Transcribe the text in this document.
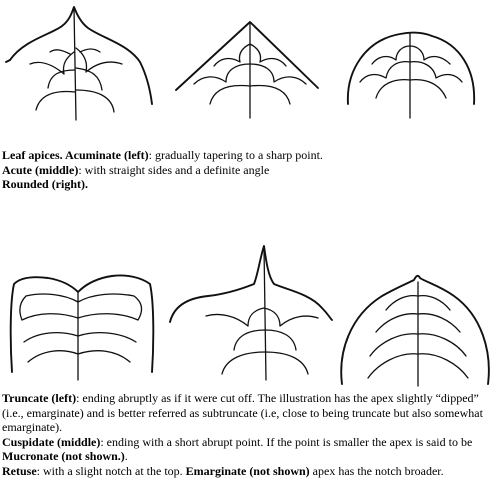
Leaf apices. Acuminate (left): gradually tapering to a sharp point.

Acute (middle): with straight sides and a definite angle

Rounded (right).

Truncate (left): ending abruptly as if it were cut off. The illustration has the apex slightly “dipped” (i.e., emarginate) and is better referred as subtruncate (i.e, close to being truncate but also somewhat emarginate).

Cuspidate (middle): ending with a short abrupt point. If the point is smaller the apex is said to be Mucronate (not shown.).

Retuse: with a slight notch at the top. Emarginate (not shown) apex has the notch broader.
